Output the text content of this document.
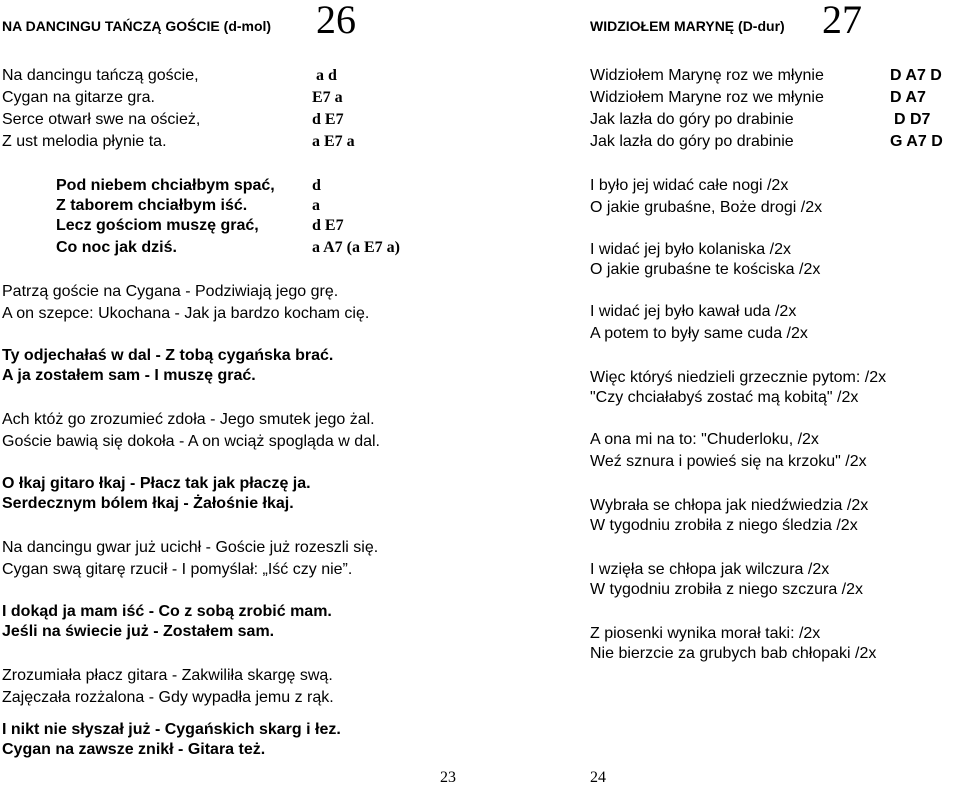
NA DANCINGU TAŃCZĄ GOŚCIE (d-mol) 26
Na dancingu tańczą goście,	a d
Cygan na gitarze gra.	E7 a
Serce otwarł swe na oścież,	d E7
Z ust melodia płynie ta.	a E7 a
Pod niebem chciałbym spać, d
Z taborem chciałbym iść.	a
Lecz gościom muszę grać,	d E7
Co noc jak dziś.	a A7 (a E7 a)
Patrzą goście na Cygana - Podziwiają jego grę.
A on szepce: Ukochana - Jak ja bardzo kocham cię.
Ty odjechałaś w dal - Z tobą cygańska brać.
A ja zostałem sam - I muszę grać.
Ach któż go zrozumieć zdoła - Jego smutek jego żal.
Goście bawią się dokoła - A on wciąż spogląda w dal.
O łkaj gitaro łkaj - Płacz tak jak płaczę ja.
Serdecznym bólem łkaj - Żałośnie łkaj.
Na dancingu gwar już ucichł - Goście już rozeszli się.
Cygan swą gitarę rzucił - I pomyślał: „Iść czy nie”.
I dokąd ja mam iść - Co z sobą zrobić mam.
Jeśli na świecie już - Zostałem sam.
Zrozumiała płacz gitara - Zakwiliła skargę swą.
Zajęczała rozżalona - Gdy wypadła jemu z rąk.
I nikt nie słyszał już - Cygańskich skarg i łez.
Cygan na zawsze znikł - Gitara też.
23
WIDZIOŁEM MARYNĘ (D-dur) 27
Widziołem Marynę roz we młynie	D A7 D
Widziołem Maryne roz we młynie	D A7
Jak lazła do góry po drabinie	D D7
Jak lazła do góry po drabinie	G A7 D
I było jej widać całe nogi /2x
O jakie grubaśne, Boże drogi /2x
I widać jej było kolaniska /2x
O jakie grubaśne te kościska /2x
I widać jej było kawał uda /2x
A potem to były same cuda /2x
Więc któryś niedzieli grzecznie pytom: /2x
"Czy chciałabyś zostać mą kobitą" /2x
A ona mi na to: "Chuderloku, /2x
Weź sznura i powieś się na krzoku" /2x
Wybrała se chłopa jak niedźwiedzia /2x
W tygodniu zrobiła z niego śledzia /2x
I wzięła se chłopa jak wilczura /2x
W tygodniu zrobiła z niego szczura /2x
Z piosenki wynika morał taki: /2x
Nie bierzcie za grubych bab chłopaki /2x
24
